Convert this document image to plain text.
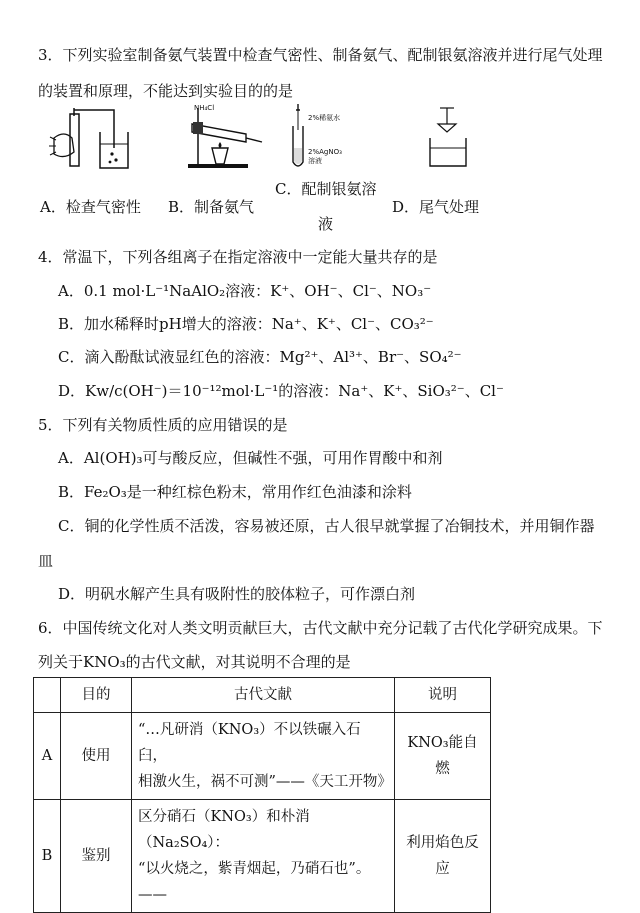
3．下列实验室制备氨气装置中检查气密性、制备氨气、配制银氨溶液并进行尾气处理
的装置和原理，不能达到实验目的的是
NH₄Cl
2%稀氨水
2%AgNO₃
溶液
A．检查气密性 B．制备氨气
C．配制银氨溶
液
D．尾气处理
4．常温下，下列各组离子在指定溶液中一定能大量共存的是
A．0.1 mol·L⁻¹NaAlO₂溶液：K⁺、OH⁻、Cl⁻、NO₃⁻
B．加水稀释时pH增大的溶液：Na⁺、K⁺、Cl⁻、CO₃²⁻
C．滴入酚酞试液显红色的溶液：Mg²⁺、Al³⁺、Br⁻、SO₄²⁻
D．Kw/c(OH⁻)＝10⁻¹²mol·L⁻¹的溶液：Na⁺、K⁺、SiO₃²⁻、Cl⁻
5．下列有关物质性质的应用错误的是
A．Al(OH)₃可与酸反应，但碱性不强，可用作胃酸中和剂
B．Fe₂O₃是一种红棕色粉末，常用作红色油漆和涂料
C．铜的化学性质不活泼，容易被还原，古人很早就掌握了冶铜技术，并用铜作器
皿
D．明矾水解产生具有吸附性的胶体粒子，可作漂白剂
6．中国传统文化对人类文明贡献巨大，古代文献中充分记载了古代化学研究成果。下
列关于KNO₃的古代文献，对其说明不合理的是
	目的	古代文献	说明
A	使用	“…凡研消（KNO₃）不以铁碾入石臼，
相激火生，祸不可测”——《天工开物》	KNO₃能自燃
B	鉴别	区分硝石（KNO₃）和朴消（Na₂SO₄）：
“以火烧之，紫青烟起，乃硝石也”。——	利用焰色反应
